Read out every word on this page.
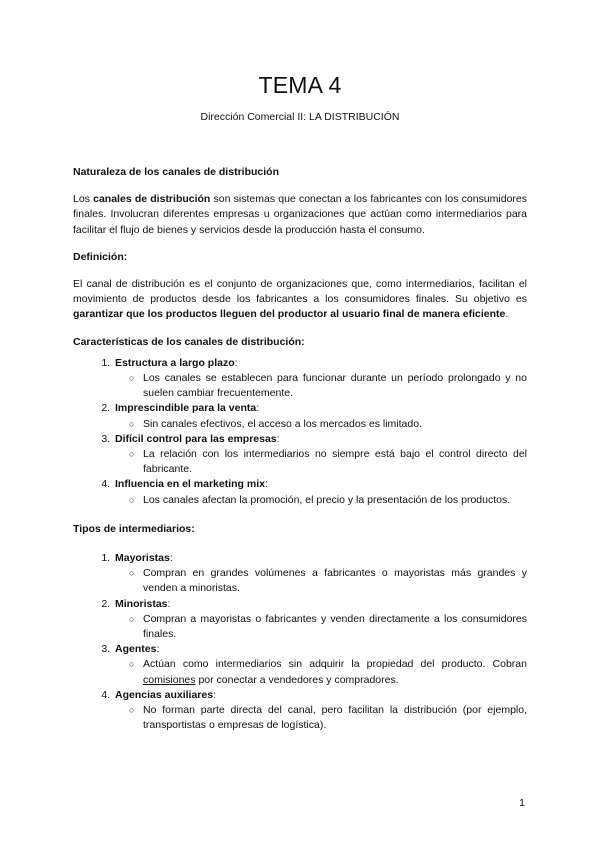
TEMA 4

Dirección Comercial II: LA DISTRIBUCIÓN

Naturaleza de los canales de distribución

Los canales de distribución son sistemas que conectan a los fabricantes con los consumidores finales. Involucran diferentes empresas u organizaciones que actúan como intermediarios para facilitar el flujo de bienes y servicios desde la producción hasta el consumo.

Definición:

El canal de distribución es el conjunto de organizaciones que, como intermediarios, facilitan el movimiento de productos desde los fabricantes a los consumidores finales. Su objetivo es garantizar que los productos lleguen del productor al usuario final de manera eficiente.

Características de los canales de distribución:

1. Estructura a largo plazo:
○ Los canales se establecen para funcionar durante un período prolongado y no suelen cambiar frecuentemente.
2. Imprescindible para la venta:
○ Sin canales efectivos, el acceso a los mercados es limitado.
3. Difícil control para las empresas:
○ La relación con los intermediarios no siempre está bajo el control directo del fabricante.
4. Influencia en el marketing mix:
○ Los canales afectan la promoción, el precio y la presentación de los productos.

Tipos de intermediarios:

1. Mayoristas:
○ Compran en grandes volúmenes a fabricantes o mayoristas más grandes y venden a minoristas.
2. Minoristas:
○ Compran a mayoristas o fabricantes y venden directamente a los consumidores finales.
3. Agentes:
○ Actúan como intermediarios sin adquirir la propiedad del producto. Cobran comisiones por conectar a vendedores y compradores.
4. Agencias auxiliares:
○ No forman parte directa del canal, pero facilitan la distribución (por ejemplo, transportistas o empresas de logística).
1
